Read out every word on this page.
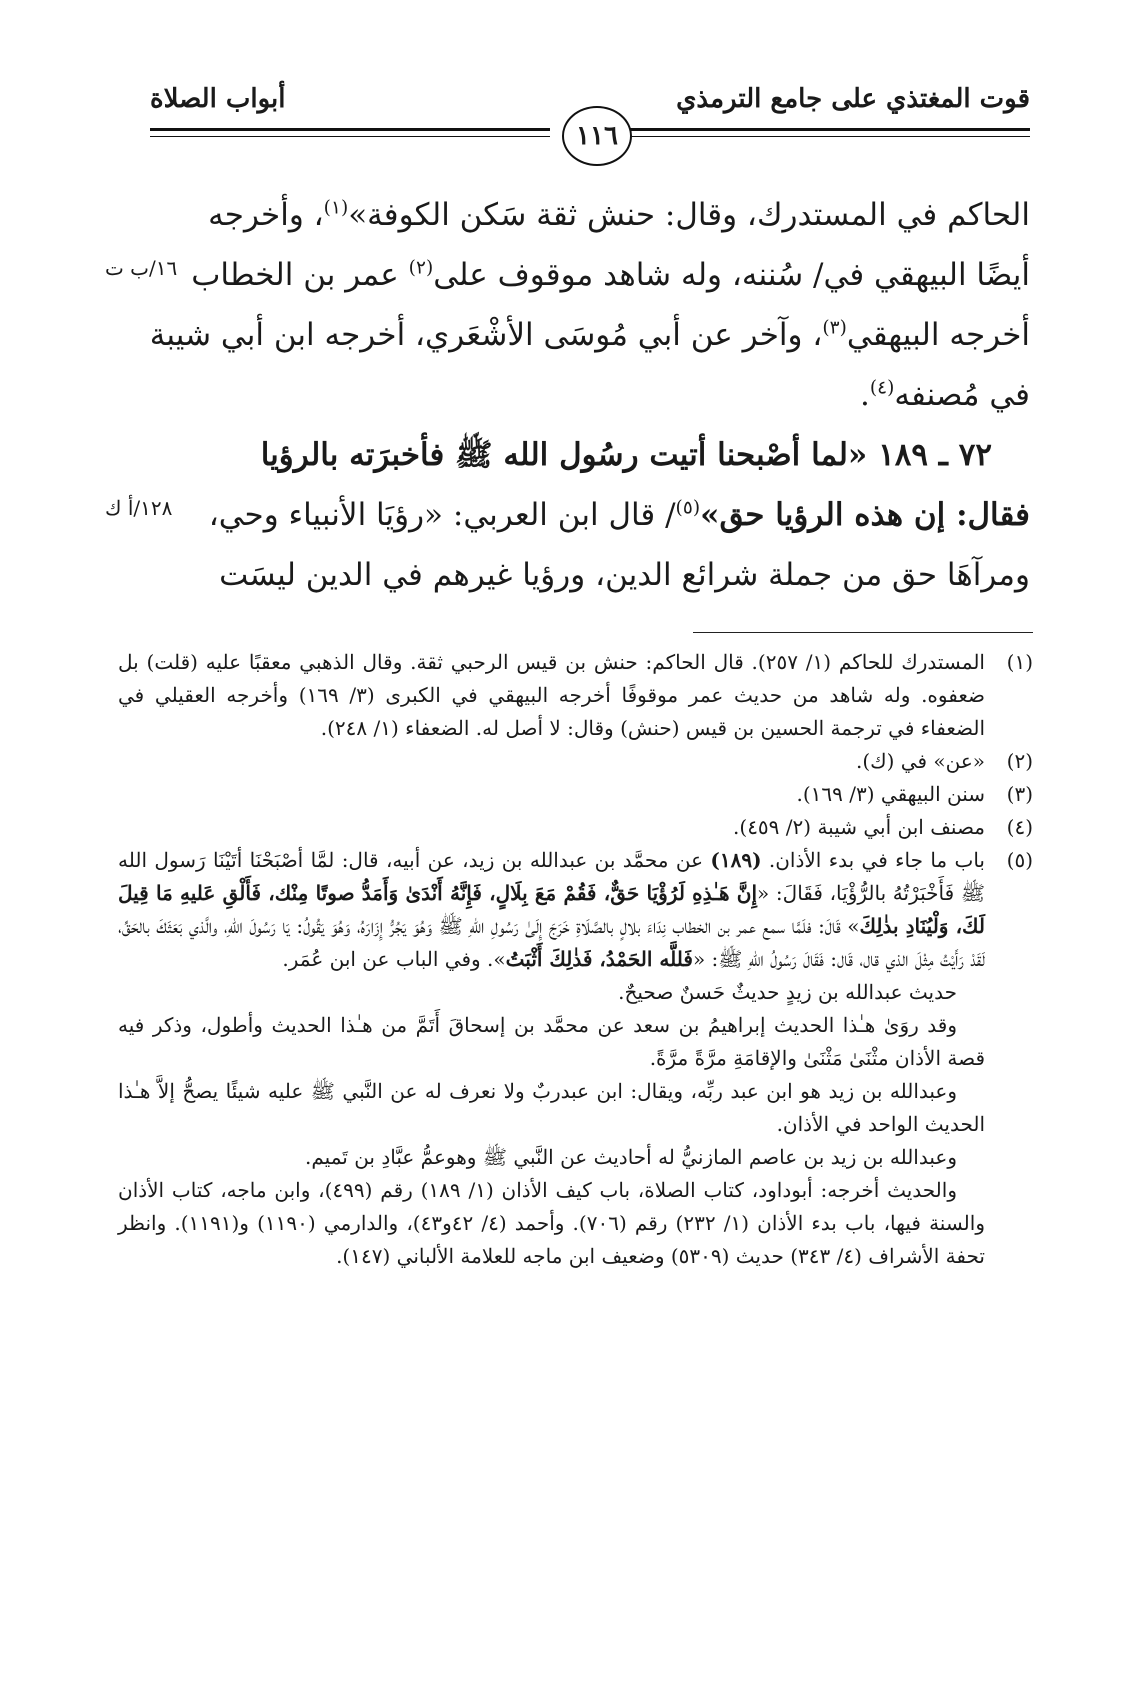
قوت المغتذي على جامع الترمذي
أبواب الصلاة
١١٦

الحاكم في المستدرك، وقال: حنش ثقة سَكن الكوفة»$^{(١)}$، وأخرجه

أيضًا البيهقي في/ سُننه، وله شاهد موقوف على$^{(٢)}$ عمر بن الخطاب

أخرجه البيهقي$^{(٣)}$، وآخر عن أبي مُوسَى الأشْعَري، أخرجه ابن أبي شيبة

في مُصنفه$^{(٤)}$.

٧٢ ـ ١٨٩ «لما أصْبحنا أتيت رسُول الله ﷺ فأخبرَته بالرؤيا

فقال: إن هذه الرؤيا حق»$^{(٥)}$/ قال ابن العربي: «رؤيَا الأنبياء وحي،

ومرآهَا حق من جملة شرائع الدين، ورؤيا غيرهم في الدين ليسَت

١٦/ب ت
١٢٨/أ ك
(١)

المستدرك للحاكم (١/ ٢٥٧). قال الحاكم: حنش بن قيس الرحبي ثقة. وقال الذهبي معقبًا عليه (قلت) بل ضعفوه. وله شاهد من حديث عمر موقوفًا أخرجه البيهقي في الكبرى (٣/ ١٦٩) وأخرجه العقيلي في الضعفاء في ترجمة الحسين بن قيس (حنش) وقال: لا أصل له. الضعفاء (١/ ٢٤٨).

(٢)

«عن» في (ك).

(٣)

سنن البيهقي (٣/ ١٦٩).

(٤)

مصنف ابن أبي شيبة (٢/ ٤٥٩).

(٥)

باب ما جاء في بدء الأذان. (١٨٩) عن محمَّد بن عبدالله بن زيد، عن أبيه، قال: لمَّا أصْبَحْنَا أتَيْنَا رَسول الله ﷺ فَأَخْبَرْتُهُ بالرُّؤْيَا، فَقَالَ: «إِنَّ هَـٰذِهِ لَرُؤْيَا حَقٌّ، فَقُمْ مَعَ بِلَالٍ، فَإِنَّهُ أَنْدَىٰ وَأَمَدُّ صوتًا مِنْك، فَأَلْقِ عَليهِ مَا قِيلَ لَكَ، وَلْيُنَادِ بذٰلِكَ» قَالَ: فلَمَّا سمع عمر بن الخطاب نِدَاءَ بلالٍ بالصَّلَاةِ خَرَجَ إِلَىٰ رَسُولِ اللهِ ﷺ وَهُوَ يَجُرُّ إِزَارَهُ، وَهُوَ يَقُولُ: يَا رَسُولَ اللهِ، والَّذي بَعَثَكَ بالحَقِّ، لَقَدْ رَأَيْتُ مِثْلَ الذي قال، قَال: فَقَالَ رَسُولُ اللهِ ﷺ: «فَللَّه الحَمْدُ، فَذٰلِكَ أَثْبَتُ». وفي الباب عن ابن عُمَر.

حديث عبدالله بن زيدٍ حديثٌ حَسنٌ صحيحٌ.

وقد روَىٰ هـٰذا الحديث إبراهيمُ بن سعد عن محمَّد بن إسحاقَ أَتَمَّ من هـٰذا الحديث وأطول، وذكر فيه قصة الأذان مثْنَىٰ مَثْنَىٰ والإقامَةِ مرَّةً مرَّةً.

وعبدالله بن زيد هو ابن عبد ربِّه، ويقال: ابن عبدربٌ ولا نعرف له عن النَّبي ﷺ عليه شيئًا يصحُّ إلاَّ هـٰذا الحديث الواحد في الأذان.

وعبدالله بن زيد بن عاصم المازنيُّ له أحاديث عن النَّبي ﷺ وهوعمُّ عبَّادِ بن تَميم.

والحديث أخرجه: أبوداود، كتاب الصلاة، باب كيف الأذان (١/ ١٨٩) رقم (٤٩٩)، وابن ماجه، كتاب الأذان والسنة فيها، باب بدء الأذان (١/ ٢٣٢) رقم (٧٠٦). وأحمد (٤/ ٤٢و٤٣)، والدارمي (١١٩٠) و(١١٩١). وانظر تحفة الأشراف (٤/ ٣٤٣) حديث (٥٣٠٩) وضعيف ابن ماجه للعلامة الألباني (١٤٧).
